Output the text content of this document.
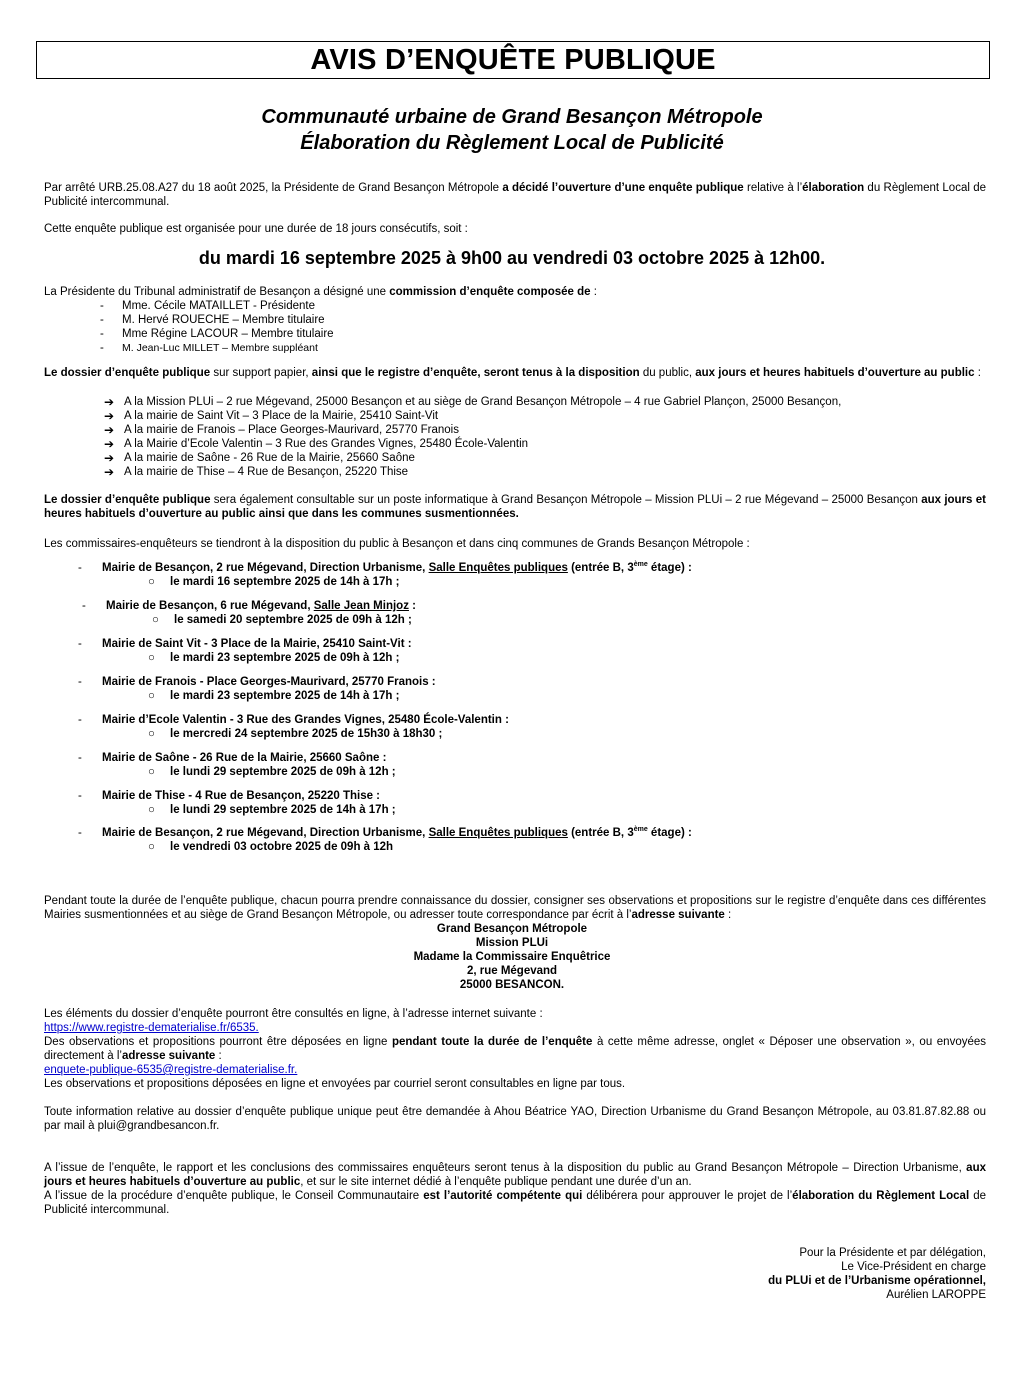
AVIS D’ENQUÊTE PUBLIQUE
Communauté urbaine de Grand Besançon Métropole
Élaboration du Règlement Local de Publicité
Par arrêté URB.25.08.A27 du 18 août 2025, la Présidente de Grand Besançon Métropole a décidé l’ouverture d’une enquête publique relative à l’élaboration du Règlement Local de Publicité intercommunal.
Cette enquête publique est organisée pour une durée de 18 jours consécutifs, soit :
du mardi 16 septembre 2025 à 9h00 au vendredi 03 octobre 2025 à 12h00.
La Présidente du Tribunal administratif de Besançon a désigné une commission d’enquête composée de :
- Mme. Cécile MATAILLET - Présidente
- M. Hervé ROUECHE – Membre titulaire
- Mme Régine LACOUR – Membre titulaire
- M. Jean-Luc MILLET – Membre suppléant
Le dossier d’enquête publique sur support papier, ainsi que le registre d’enquête, seront tenus à la disposition du public, aux jours et heures habituels d’ouverture au public :
➔ A la Mission PLUi – 2 rue Mégevand, 25000 Besançon et au siège de Grand Besançon Métropole – 4 rue Gabriel Plançon, 25000 Besançon,
➔ A la mairie de Saint Vit – 3 Place de la Mairie, 25410 Saint-Vit
➔ A la mairie de Franois – Place Georges-Maurivard, 25770 Franois
➔ A la Mairie d’Ecole Valentin – 3 Rue des Grandes Vignes, 25480 École-Valentin
➔ A la mairie de Saône - 26 Rue de la Mairie, 25660 Saône
➔ A la mairie de Thise – 4 Rue de Besançon, 25220 Thise
Le dossier d’enquête publique sera également consultable sur un poste informatique à Grand Besançon Métropole – Mission PLUi – 2 rue Mégevand – 25000 Besançon aux jours et heures habituels d’ouverture au public ainsi que dans les communes susmentionnées.
Les commissaires-enquêteurs se tiendront à la disposition du public à Besançon et dans cinq communes de Grands Besançon Métropole :
- Mairie de Besançon, 2 rue Mégevand, Direction Urbanisme, Salle Enquêtes publiques (entrée B, 3ème étage) :
○ le mardi 16 septembre 2025 de 14h à 17h ;
- Mairie de Besançon, 6 rue Mégevand, Salle Jean Minjoz :
○ le samedi 20 septembre 2025 de 09h à 12h ;
- Mairie de Saint Vit - 3 Place de la Mairie, 25410 Saint-Vit :
○ le mardi 23 septembre 2025 de 09h à 12h ;
- Mairie de Franois - Place Georges-Maurivard, 25770 Franois :
○ le mardi 23 septembre 2025 de 14h à 17h ;
- Mairie d’Ecole Valentin - 3 Rue des Grandes Vignes, 25480 École-Valentin :
○ le mercredi 24 septembre 2025 de 15h30 à 18h30 ;
- Mairie de Saône - 26 Rue de la Mairie, 25660 Saône :
○ le lundi 29 septembre 2025 de 09h à 12h ;
- Mairie de Thise - 4 Rue de Besançon, 25220 Thise :
○ le lundi 29 septembre 2025 de 14h à 17h ;
- Mairie de Besançon, 2 rue Mégevand, Direction Urbanisme, Salle Enquêtes publiques (entrée B, 3ème étage) :
○ le vendredi 03 octobre 2025 de 09h à 12h
Pendant toute la durée de l’enquête publique, chacun pourra prendre connaissance du dossier, consigner ses observations et propositions sur le registre d’enquête dans ces différentes Mairies susmentionnées et au siège de Grand Besançon Métropole, ou adresser toute correspondance par écrit à l’adresse suivante :
Grand Besançon Métropole
Mission PLUi
Madame la Commissaire Enquêtrice
2, rue Mégevand
25000 BESANCON.
Les éléments du dossier d’enquête pourront être consultés en ligne, à l’adresse internet suivante :
https://www.registre-dematerialise.fr/6535.
Des observations et propositions pourront être déposées en ligne pendant toute la durée de l’enquête à cette même adresse, onglet « Déposer une observation », ou envoyées directement à l’adresse suivante :
enquete-publique-6535@registre-dematerialise.fr.
Les observations et propositions déposées en ligne et envoyées par courriel seront consultables en ligne par tous.
Toute information relative au dossier d’enquête publique unique peut être demandée à Ahou Béatrice YAO, Direction Urbanisme du Grand Besançon Métropole, au 03.81.87.82.88 ou par mail à plui@grandbesancon.fr.
A l’issue de l’enquête, le rapport et les conclusions des commissaires enquêteurs seront tenus à la disposition du public au Grand Besançon Métropole – Direction Urbanisme, aux jours et heures habituels d’ouverture au public, et sur le site internet dédié à l’enquête publique pendant une durée d’un an.
A l’issue de la procédure d’enquête publique, le Conseil Communautaire est l’autorité compétente qui délibérera pour approuver le projet de l’élaboration du Règlement Local de Publicité intercommunal.
Pour la Présidente et par délégation,
Le Vice-Président en charge
du PLUi et de l’Urbanisme opérationnel,
Aurélien LAROPPE
